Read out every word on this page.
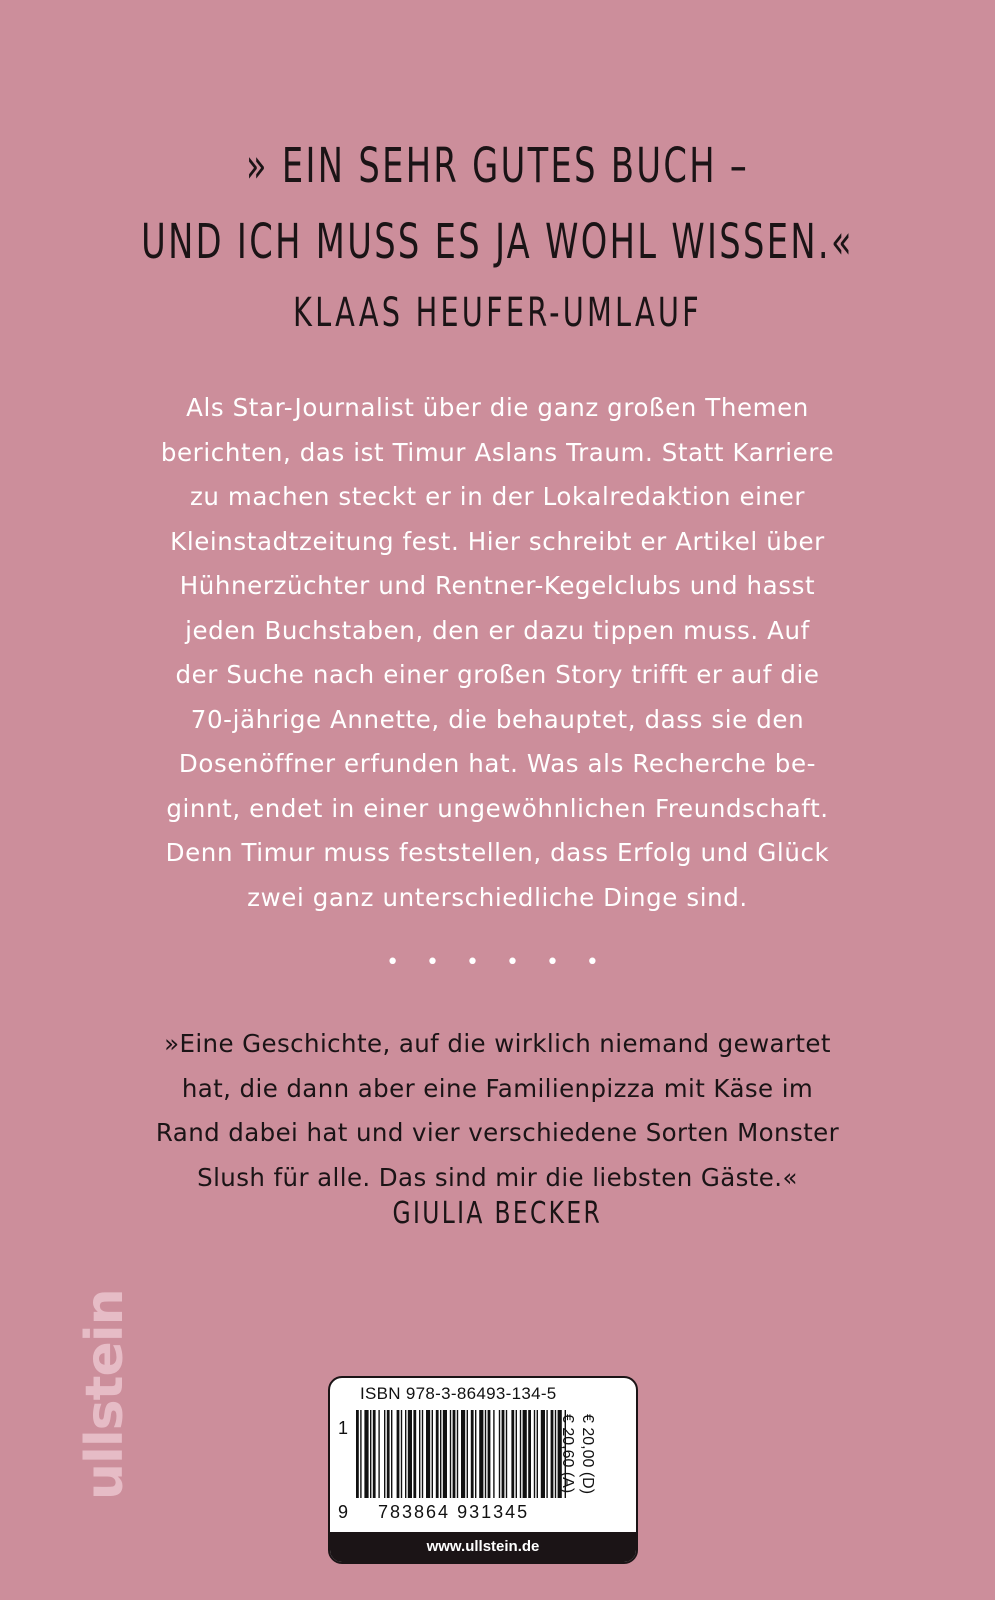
» EIN SEHR GUTES BUCH –
UND ICH MUSS ES JA WOHL WISSEN.«
KLAAS HEUFER-UMLAUF

Als Star-Journalist über die ganz großen Themen
berichten, das ist Timur Aslans Traum. Statt Karriere
zu machen steckt er in der Lokalredaktion einer
Kleinstadtzeitung fest. Hier schreibt er Artikel über
Hühnerzüchter und Rentner-Kegelclubs und hasst
jeden Buchstaben, den er dazu tippen muss. Auf
der Suche nach einer großen Story trifft er auf die
70-jährige Annette, die behauptet, dass sie den
Dosenöffner erfunden hat. Was als Recherche be-
ginnt, endet in einer ungewöhnlichen Freundschaft.
Denn Timur muss feststellen, dass Erfolg und Glück
zwei ganz unterschiedliche Dinge sind.

• • • • • •

»Eine Geschichte, auf die wirklich niemand gewartet
hat, die dann aber eine Familienpizza mit Käse im
Rand dabei hat und vier verschiedene Sorten Monster
Slush für alle. Das sind mir die liebsten Gäste.«

GIULIA BECKER
ullstein	ISBN 978-3-86493-134-5
1
9 783864 931345
€ 20,00 (D)
€ 20,60 (A)
www.ullstein.de
